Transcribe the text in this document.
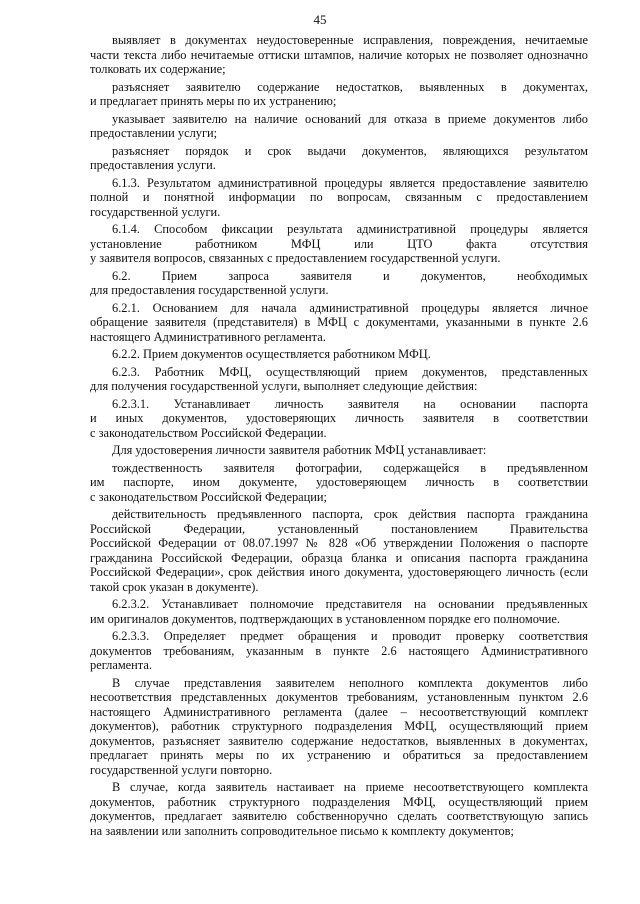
45
выявляет в документах неудостоверенные исправления, повреждения, нечитаемые
части текста либо нечитаемые оттиски штампов, наличие которых не позволяет однозначно
толковать их содержание;
разъясняет заявителю содержание недостатков, выявленных в документах,
и предлагает принять меры по их устранению;
указывает заявителю на наличие оснований для отказа в приеме документов либо
предоставлении услуги;
разъясняет порядок и срок выдачи документов, являющихся результатом
предоставления услуги.
6.1.3. Результатом административной процедуры является предоставление заявителю
полной и понятной информации по вопросам, связанным с предоставлением
государственной услуги.
6.1.4. Способом фиксации результата административной процедуры является
установление работником МФЦ или ЦТО факта отсутствия
у заявителя вопросов, связанных с предоставлением государственной услуги.
6.2. Прием запроса заявителя и документов, необходимых
для предоставления государственной услуги.
6.2.1. Основанием для начала административной процедуры является личное
обращение заявителя (представителя) в МФЦ с документами, указанными в пункте 2.6
настоящего Административного регламента.
6.2.2. Прием документов осуществляется работником МФЦ.
6.2.3. Работник МФЦ, осуществляющий прием документов, представленных
для получения государственной услуги, выполняет следующие действия:
6.2.3.1. Устанавливает личность заявителя на основании паспорта
и иных документов, удостоверяющих личность заявителя в соответствии
с законодательством Российской Федерации.
Для удостоверения личности заявителя работник МФЦ устанавливает:
тождественность заявителя фотографии, содержащейся в предъявленном
им паспорте, ином документе, удостоверяющем личность в соответствии
с законодательством Российской Федерации;
действительность предъявленного паспорта, срок действия паспорта гражданина
Российской Федерации, установленный постановлением Правительства
Российской Федерации от 08.07.1997 № 828 «Об утверждении Положения о паспорте
гражданина Российской Федерации, образца бланка и описания паспорта гражданина
Российской Федерации», срок действия иного документа, удостоверяющего личность (если
такой срок указан в документе).
6.2.3.2. Устанавливает полномочие представителя на основании предъявленных
им оригиналов документов, подтверждающих в установленном порядке его полномочие.
6.2.3.3. Определяет предмет обращения и проводит проверку соответствия
документов требованиям, указанным в пункте 2.6 настоящего Административного
регламента.
В случае представления заявителем неполного комплекта документов либо
несоответствия представленных документов требованиям, установленным пунктом 2.6
настоящего Административного регламента (далее – несоответствующий комплект
документов), работник структурного подразделения МФЦ, осуществляющий прием
документов, разъясняет заявителю содержание недостатков, выявленных в документах,
предлагает принять меры по их устранению и обратиться за предоставлением
государственной услуги повторно.
В случае, когда заявитель настаивает на приеме несоответствующего комплекта
документов, работник структурного подразделения МФЦ, осуществляющий прием
документов, предлагает заявителю собственноручно сделать соответствующую запись
на заявлении или заполнить сопроводительное письмо к комплекту документов;
